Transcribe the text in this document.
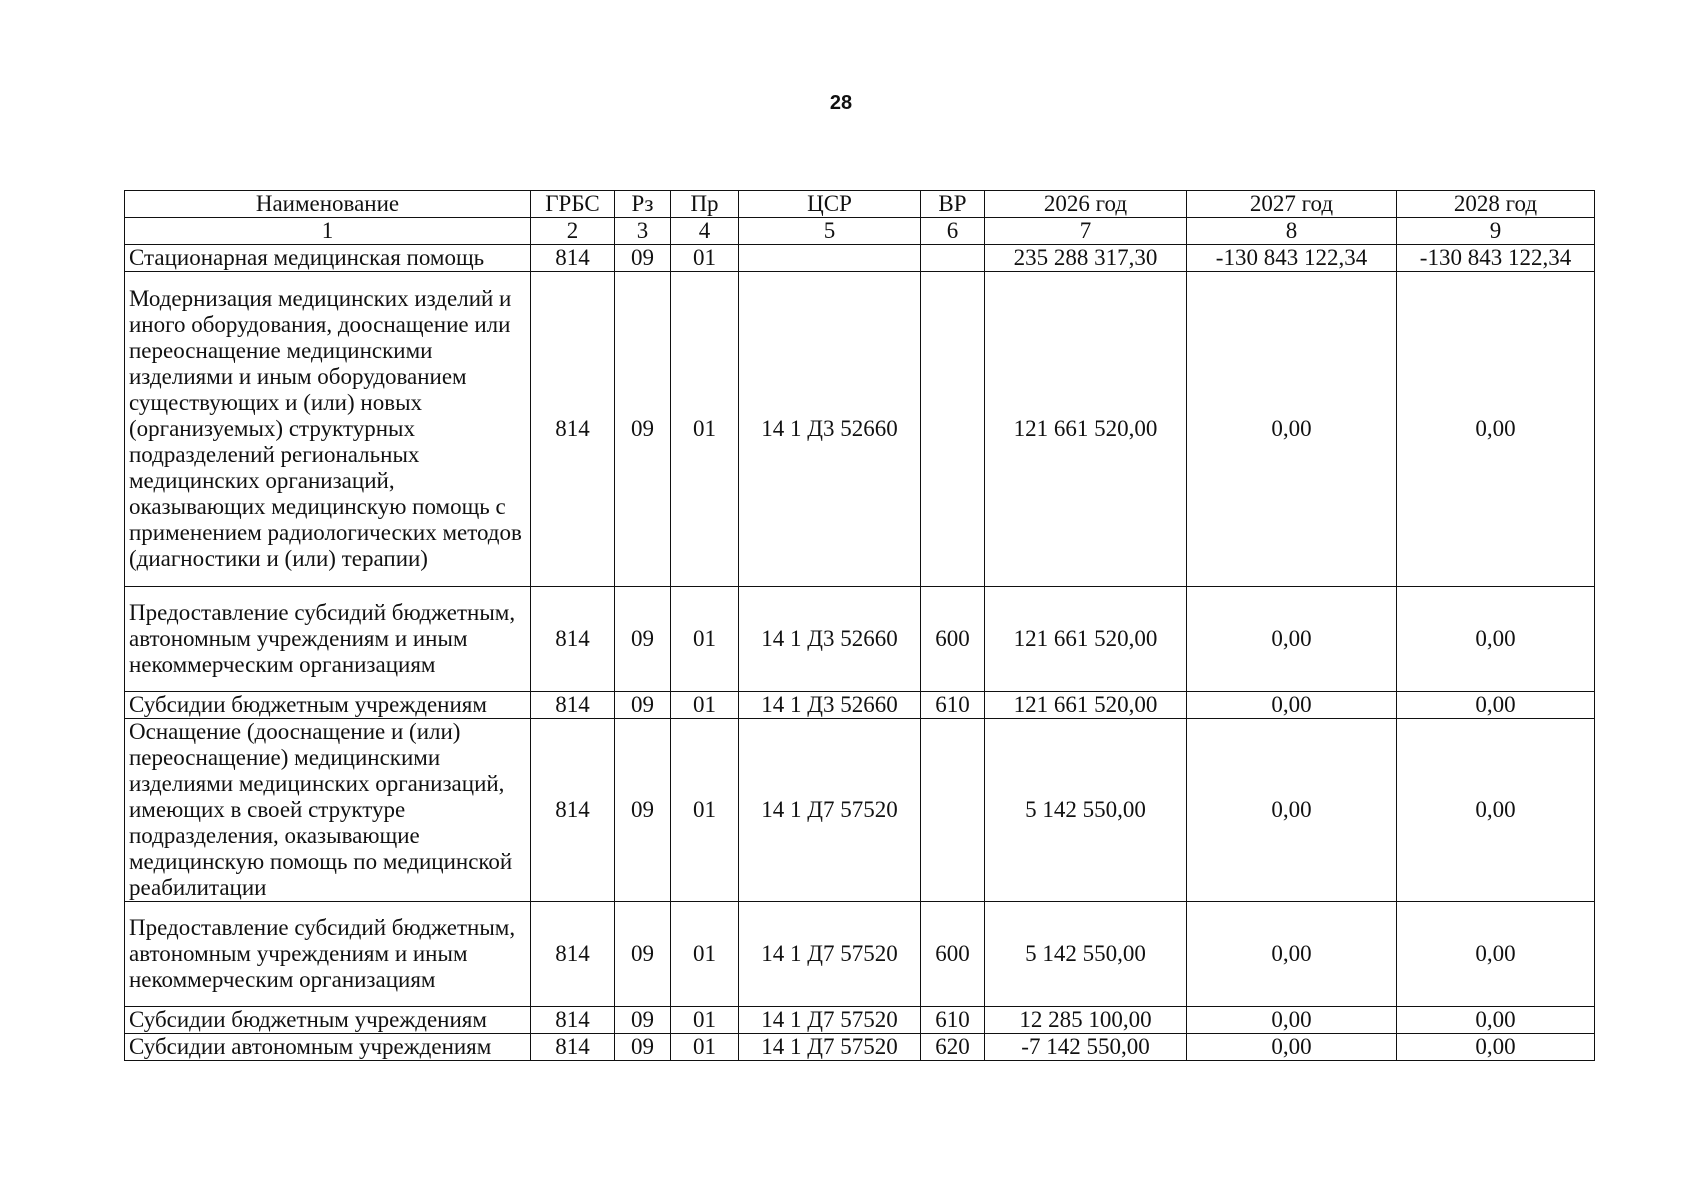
28
Наименование	ГРБС	Рз	Пр	ЦСР	ВР	2026 год	2027 год	2028 год
1	2	3	4	5	6	7	8	9
Стационарная медицинская помощь	814	09	01			235 288 317,30	-130 843 122,34	-130 843 122,34
Модернизация медицинских изделий и иного оборудования, дооснащение или переоснащение медицинскими изделиями и иным оборудованием существующих и (или) новых (организуемых) структурных подразделений региональных медицинских организаций, оказывающих медицинскую помощь с применением радиологических методов (диагностики и (или) терапии)	814	09	01	14 1 Д3 52660		121 661 520,00	0,00	0,00
Предоставление субсидий бюджетным, автономным учреждениям и иным некоммерческим организациям	814	09	01	14 1 Д3 52660	600	121 661 520,00	0,00	0,00
Субсидии бюджетным учреждениям	814	09	01	14 1 Д3 52660	610	121 661 520,00	0,00	0,00
Оснащение (дооснащение и (или) переоснащение) медицинскими изделиями медицинских организаций, имеющих в своей структуре подразделения, оказывающие медицинскую помощь по медицинской реабилитации	814	09	01	14 1 Д7 57520		5 142 550,00	0,00	0,00
Предоставление субсидий бюджетным, автономным учреждениям и иным некоммерческим организациям	814	09	01	14 1 Д7 57520	600	5 142 550,00	0,00	0,00
Субсидии бюджетным учреждениям	814	09	01	14 1 Д7 57520	610	12 285 100,00	0,00	0,00
Субсидии автономным учреждениям	814	09	01	14 1 Д7 57520	620	-7 142 550,00	0,00	0,00
